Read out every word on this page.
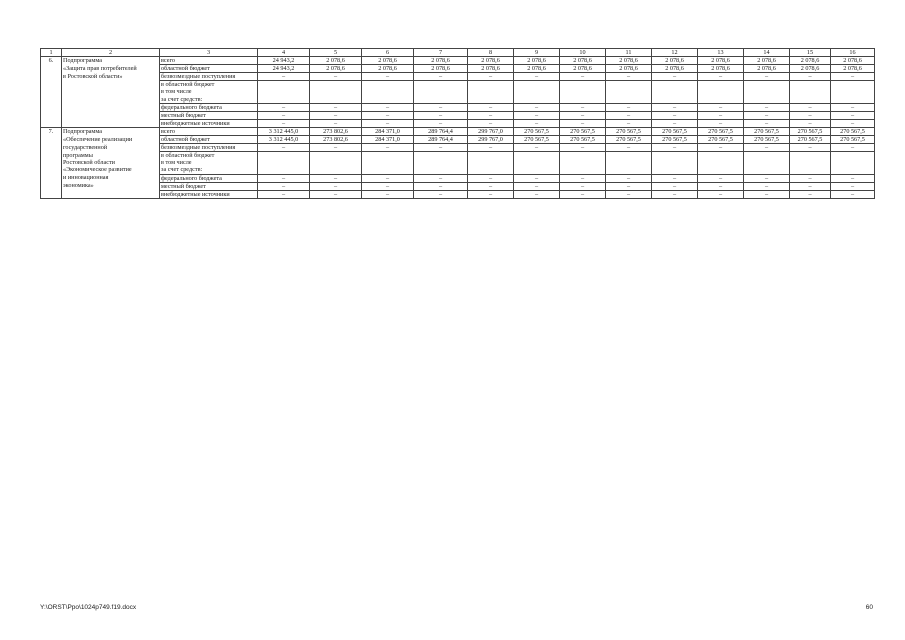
1	2	3	4	5	6	7	8	9	10	11	12	13	14	15	16
6.	Подпрограмма	всего	24 943,2	2 078,6	2 078,6	2 078,6	2 078,6	2 078,6	2 078,6	2 078,6	2 078,6	2 078,6	2 078,6	2 078,6	2 078,6
	«Защита прав потребителей	областной бюджет	24 943,2	2 078,6	2 078,6	2 078,6	2 078,6	2 078,6	2 078,6	2 078,6	2 078,6	2 078,6	2 078,6	2 078,6	2 078,6
	в Ростовской области»	безвозмездные поступления	–	–	–	–	–	–	–	–	–	–	–	–	–
		в областной бюджет													
		в том числе													
		за счет средств:													
		федерального бюджета	–	–	–	–	–	–	–	–	–	–	–	–	–
		местный бюджет	–	–	–	–	–	–	–	–	–	–	–	–	–
		внебюджетные источники	–	–	–	–	–	–	–	–	–	–	–	–	–
7.	Подпрограмма	всего	3 312 445,0	273 802,6	284 371,0	289 764,4	299 767,0	270 567,5	270 567,5	270 567,5	270 567,5	270 567,5	270 567,5	270 567,5	270 567,5
	«Обеспечение реализации	областной бюджет	3 312 445,0	273 802,6	284 371,0	289 764,4	299 767,0	270 567,5	270 567,5	270 567,5	270 567,5	270 567,5	270 567,5	270 567,5	270 567,5
	государственной	безвозмездные поступления	–	–	–	–	–	–	–	–	–	–	–	–	–
	программы	в областной бюджет													
	Ростовской области	в том числе													
	«Экономическое развитие	за счет средств:													
	и инновационная	федерального бюджета	–	–	–	–	–	–	–	–	–	–	–	–	–
	экономика»	местный бюджет	–	–	–	–	–	–	–	–	–	–	–	–	–
		внебюджетные источники	–	–	–	–	–	–	–	–	–	–	–	–	–
Y:\ORST\Ppo\1024p749.f19.docx	60
